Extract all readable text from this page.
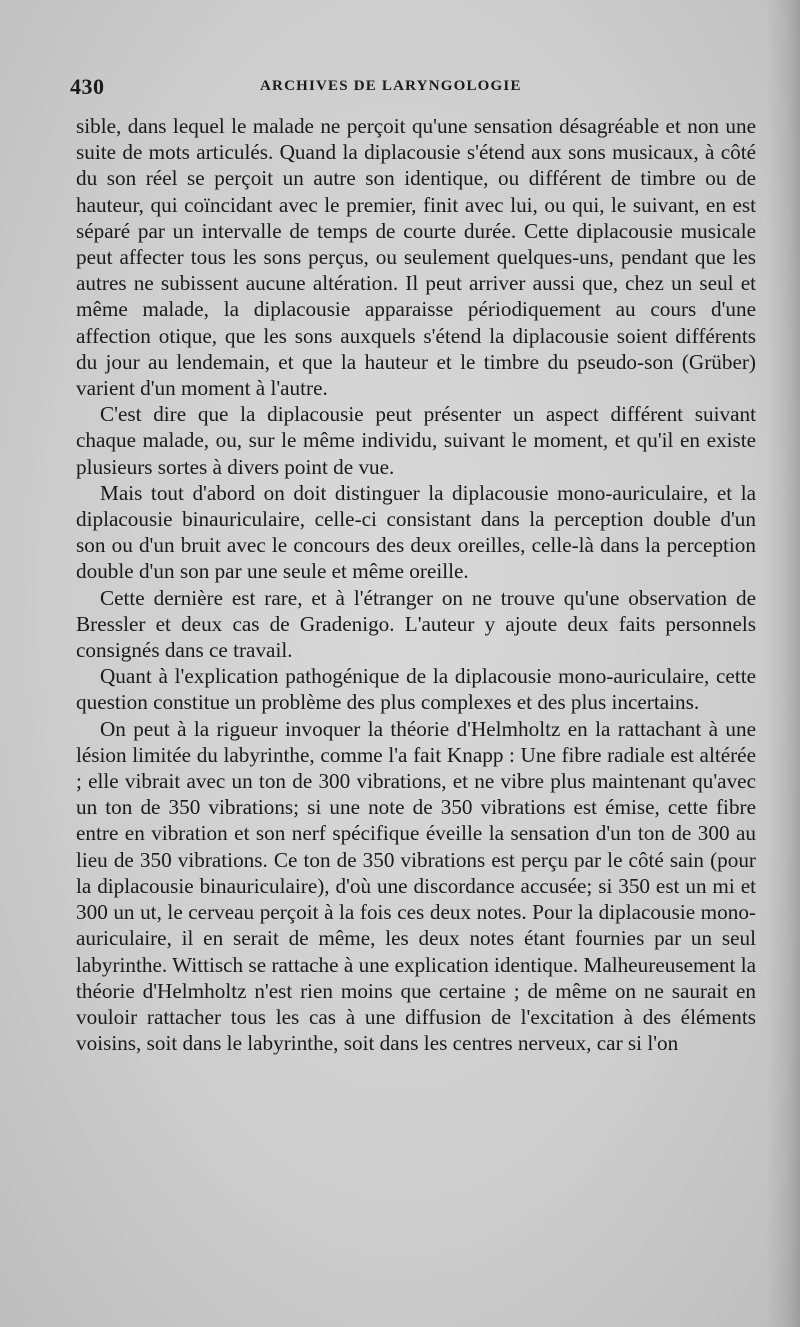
430	ARCHIVES DE LARYNGOLOGIE

sible, dans lequel le malade ne perçoit qu'une sensation désagréable et non une suite de mots articulés. Quand la diplacousie s'étend aux sons musicaux, à côté du son réel se perçoit un autre son identique, ou différent de timbre ou de hauteur, qui coïncidant avec le premier, finit avec lui, ou qui, le suivant, en est séparé par un intervalle de temps de courte durée. Cette diplacousie musicale peut affecter tous les sons perçus, ou seulement quelques-uns, pendant que les autres ne subissent aucune altération. Il peut arriver aussi que, chez un seul et même malade, la diplacousie apparaisse périodiquement au cours d'une affection otique, que les sons auxquels s'étend la diplacousie soient différents du jour au lendemain, et que la hauteur et le timbre du pseudo-son (Grüber) varient d'un moment à l'autre.

C'est dire que la diplacousie peut présenter un aspect différent suivant chaque malade, ou, sur le même individu, suivant le moment, et qu'il en existe plusieurs sortes à divers point de vue.

Mais tout d'abord on doit distinguer la diplacousie mono-auriculaire, et la diplacousie binauriculaire, celle-ci consistant dans la perception double d'un son ou d'un bruit avec le concours des deux oreilles, celle-là dans la perception double d'un son par une seule et même oreille.

Cette dernière est rare, et à l'étranger on ne trouve qu'une observation de Bressler et deux cas de Gradenigo. L'auteur y ajoute deux faits personnels consignés dans ce travail.

Quant à l'explication pathogénique de la diplacousie mono-auriculaire, cette question constitue un problème des plus complexes et des plus incertains.

On peut à la rigueur invoquer la théorie d'Helmholtz en la rattachant à une lésion limitée du labyrinthe, comme l'a fait Knapp : Une fibre radiale est altérée ; elle vibrait avec un ton de 300 vibrations, et ne vibre plus maintenant qu'avec un ton de 350 vibrations; si une note de 350 vibrations est émise, cette fibre entre en vibration et son nerf spécifique éveille la sensation d'un ton de 300 au lieu de 350 vibrations. Ce ton de 350 vibrations est perçu par le côté sain (pour la diplacousie binauriculaire), d'où une discordance accusée; si 350 est un mi et 300 un ut, le cerveau perçoit à la fois ces deux notes. Pour la diplacousie mono-auriculaire, il en serait de même, les deux notes étant fournies par un seul labyrinthe. Wittisch se rattache à une explication identique. Malheureusement la théorie d'Helmholtz n'est rien moins que certaine ; de même on ne saurait en vouloir rattacher tous les cas à une diffusion de l'excitation à des éléments voisins, soit dans le labyrinthe, soit dans les centres nerveux, car si l'on
